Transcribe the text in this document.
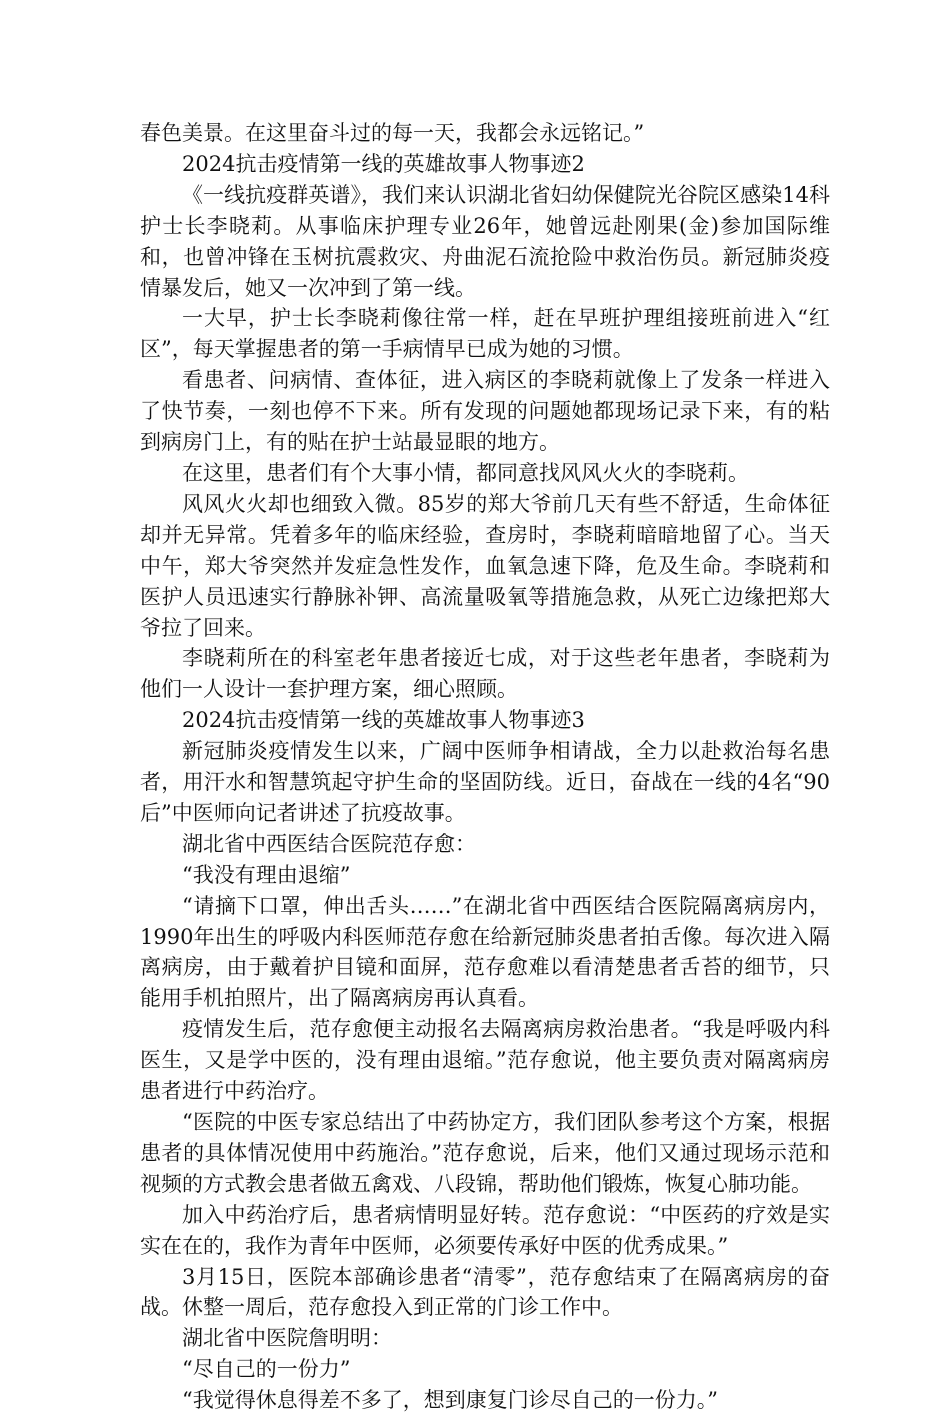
春色美景。在这里奋斗过的每一天，我都会永远铭记。”

2024抗击疫情第一线的英雄故事人物事迹2

《一线抗疫群英谱》，我们来认识湖北省妇幼保健院光谷院区感染14科护士长李晓莉。从事临床护理专业26年，她曾远赴刚果(金)参加国际维和，也曾冲锋在玉树抗震救灾、舟曲泥石流抢险中救治伤员。新冠肺炎疫情暴发后，她又一次冲到了第一线。

一大早，护士长李晓莉像往常一样，赶在早班护理组接班前进入“红区”，每天掌握患者的第一手病情早已成为她的习惯。

看患者、问病情、查体征，进入病区的李晓莉就像上了发条一样进入了快节奏，一刻也停不下来。所有发现的问题她都现场记录下来，有的粘到病房门上，有的贴在护士站最显眼的地方。

在这里，患者们有个大事小情，都同意找风风火火的李晓莉。

风风火火却也细致入微。85岁的郑大爷前几天有些不舒适，生命体征却并无异常。凭着多年的临床经验，查房时，李晓莉暗暗地留了心。当天中午，郑大爷突然并发症急性发作，血氧急速下降，危及生命。李晓莉和医护人员迅速实行静脉补钾、高流量吸氧等措施急救，从死亡边缘把郑大爷拉了回来。

李晓莉所在的科室老年患者接近七成，对于这些老年患者，李晓莉为他们一人设计一套护理方案，细心照顾。

2024抗击疫情第一线的英雄故事人物事迹3

新冠肺炎疫情发生以来，广阔中医师争相请战，全力以赴救治每名患者，用汗水和智慧筑起守护生命的坚固防线。近日，奋战在一线的4名“90后”中医师向记者讲述了抗疫故事。

湖北省中西医结合医院范存愈：

“我没有理由退缩”

“请摘下口罩，伸出舌头……”在湖北省中西医结合医院隔离病房内，1990年出生的呼吸内科医师范存愈在给新冠肺炎患者拍舌像。每次进入隔离病房，由于戴着护目镜和面屏，范存愈难以看清楚患者舌苔的细节，只能用手机拍照片，出了隔离病房再认真看。

疫情发生后，范存愈便主动报名去隔离病房救治患者。“我是呼吸内科医生，又是学中医的，没有理由退缩。”范存愈说，他主要负责对隔离病房患者进行中药治疗。

“医院的中医专家总结出了中药协定方，我们团队参考这个方案，根据患者的具体情况使用中药施治。”范存愈说，后来，他们又通过现场示范和视频的方式教会患者做五禽戏、八段锦，帮助他们锻炼，恢复心肺功能。

加入中药治疗后，患者病情明显好转。范存愈说：“中医药的疗效是实实在在的，我作为青年中医师，必须要传承好中医的优秀成果。”

3月15日，医院本部确诊患者“清零”，范存愈结束了在隔离病房的奋战。休整一周后，范存愈投入到正常的门诊工作中。

湖北省中医院詹明明：

“尽自己的一份力”

“我觉得休息得差不多了，想到康复门诊尽自己的一份力。”
